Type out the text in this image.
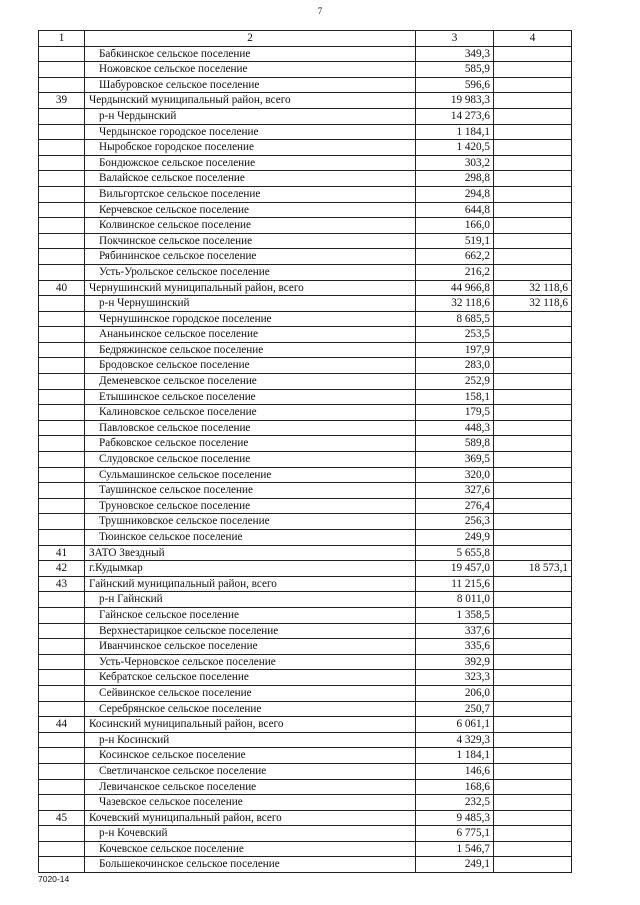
7
1	2	3	4
	Бабкинское сельское поселение	349,3	
	Ножовское сельское поселение	585,9	
	Шабуровское сельское поселение	596,6	
39	Чердынский муниципальный район, всего	19 983,3	
	р-н Чердынский	14 273,6	
	Чердынское городское поселение	1 184,1	
	Ныробское городское поселение	1 420,5	
	Бондюжское сельское поселение	303,2	
	Валайское сельское поселение	298,8	
	Вильгортское сельское поселение	294,8	
	Керчевское сельское поселение	644,8	
	Колвинское сельское поселение	166,0	
	Покчинское сельское поселение	519,1	
	Рябининское сельское поселение	662,2	
	Усть-Урольское сельское поселение	216,2	
40	Чернушинский муниципальный район, всего	44 966,8	32 118,6
	р-н Чернушинский	32 118,6	32 118,6
	Чернушинское городское поселение	8 685,5	
	Ананьинское сельское поселение	253,5	
	Бедряжинское сельское поселение	197,9	
	Бродовское сельское поселение	283,0	
	Деменевское сельское поселение	252,9	
	Етышинское сельское поселение	158,1	
	Калиновское сельское поселение	179,5	
	Павловское сельское поселение	448,3	
	Рабковское сельское поселение	589,8	
	Слудовское сельское поселение	369,5	
	Сульмашинское сельское поселение	320,0	
	Таушинское сельское поселение	327,6	
	Труновское сельское поселение	276,4	
	Трушниковское сельское поселение	256,3	
	Тюинское сельское поселение	249,9	
41	ЗАТО Звездный	5 655,8	
42	г.Кудымкар	19 457,0	18 573,1
43	Гайнский муниципальный район, всего	11 215,6	
	р-н Гайнский	8 011,0	
	Гайнское сельское поселение	1 358,5	
	Верхнестарицкое сельское поселение	337,6	
	Иванчинское сельское поселение	335,6	
	Усть-Черновское сельское поселение	392,9	
	Кебратское сельское поселение	323,3	
	Сейвинское сельское поселение	206,0	
	Серебрянское сельское поселение	250,7	
44	Косинский муниципальный район, всего	6 061,1	
	р-н Косинский	4 329,3	
	Косинское сельское поселение	1 184,1	
	Светличанское сельское поселение	146,6	
	Левичанское сельское поселение	168,6	
	Чазевское сельское поселение	232,5	
45	Кочевский муниципальный район, всего	9 485,3	
	р-н Кочевский	6 775,1	
	Кочевское сельское поселение	1 546,7	
	Большекочинское сельское поселение	249,1	
7020-14
